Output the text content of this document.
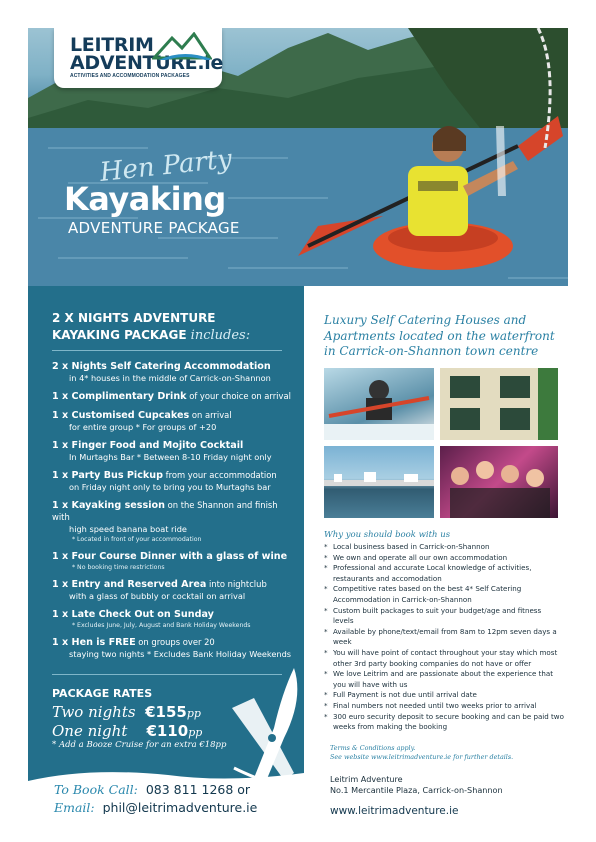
LEITRIM
ADVENTURE.ie
ACTIVITIES AND ACCOMMODATION PACKAGES
Hen Party
Kayaking
ADVENTURE PACKAGE
2 X NIGHTS ADVENTURE
KAYAKING PACKAGE includes:
2 x Nights Self Catering Accommodation
in 4* houses in the middle of Carrick-on-Shannon
1 x Complimentary Drink of your choice on arrival
1 x Customised Cupcakes on arrival
for entire group * For groups of +20
1 x Finger Food and Mojito Cocktail
In Murtaghs Bar * Between 8-10 Friday night only
1 x Party Bus Pickup from your accommodation
on Friday night only to bring you to Murtaghs bar
1 x Kayaking session on the Shannon and finish with
high speed banana boat ride
* Located in front of your accommodation
1 x Four Course Dinner with a glass of wine
* No booking time restrictions
1 x Entry and Reserved Area into nightclub
with a glass of bubbly or cocktail on arrival
1 x Late Check Out on Sunday
* Excludes June, July, August and Bank Holiday Weekends
1 x Hen is FREE on groups over 20
staying two nights * Excludes Bank Holiday Weekends
PACKAGE RATES
Two nights €155pp
One night €110pp
* Add a Booze Cruise for an extra €18pp
To Book Call: 083 811 1268 or
Email: phil@leitrimadventure.ie
Luxury Self Catering Houses and Apartments located on the waterfront in Carrick-on-Shannon town centre
Why you should book with us
* Local business based in Carrick-on-Shannon
* We own and operate all our own accommodation
* Professional and accurate Local knowledge of activities, restaurants and accomodation
* Competitive rates based on the best 4* Self Catering Accommodation in Carrick-on-Shannon
* Custom built packages to suit your budget/age and fitness levels
* Available by phone/text/email from 8am to 12pm seven days a week
* You will have point of contact throughout your stay which most other 3rd party booking companies do not have or offer
* We love Leitrim and are passionate about the experience that you will have with us
* Full Payment is not due until arrival date
* Final numbers not needed until two weeks prior to arrival
* 300 euro security deposit to secure booking and can be paid two weeks from making the booking
Terms & Conditions apply.
See website www.leitrimadventure.ie for further details.
Leitrim Adventure
No.1 Mercantile Plaza, Carrick-on-Shannon
www.leitrimadventure.ie
